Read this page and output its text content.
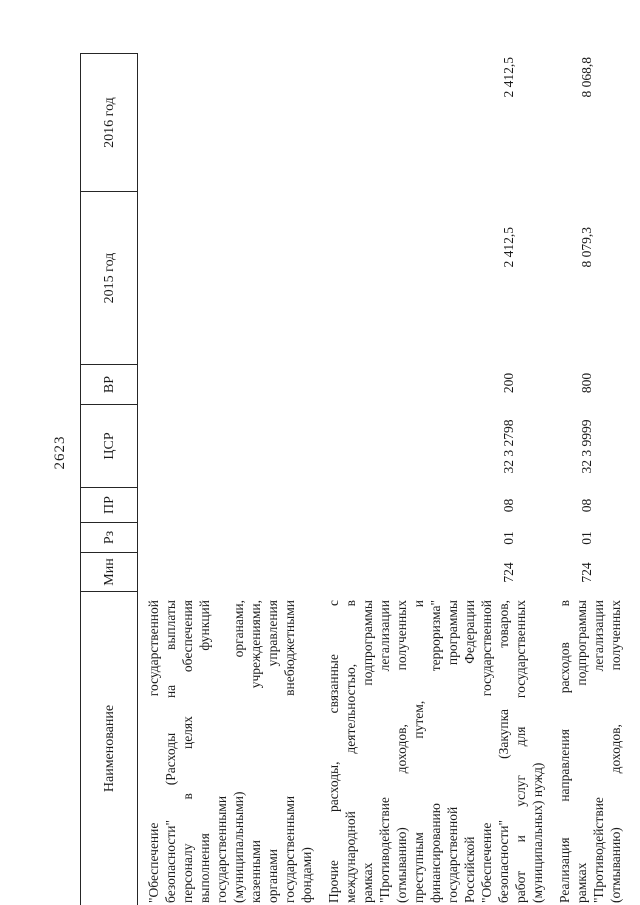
2623
Наименование
Мин
Рз
ПР
ЦСР
ВР
2015 год
2016 год
"Обеспечение государственной безопасности" (Расходы на выплаты персоналу в целях обеспечения выполнения функций государственными (муниципальными) органами, казенными учреждениями, органами управления государственными внебюджетными фондами) Прочие расходы, связанные с международной деятельностью, в рамках подпрограммы "Противодействие легализации (отмыванию) доходов, полученных преступным путем, и финансированию терроризма" государственной программы Российской Федерации "Обеспечение государственной безопасности" (Закупка товаров, работ и услуг для государственных (муниципальных) нужд)
724
01
08
32 3 2798
200
2 412,5
2 412,5
Реализация направления расходов в рамках подпрограммы "Противодействие легализации (отмыванию) доходов, полученных
724
01
08
32 3 9999
800
8 079,3
8 068,8
